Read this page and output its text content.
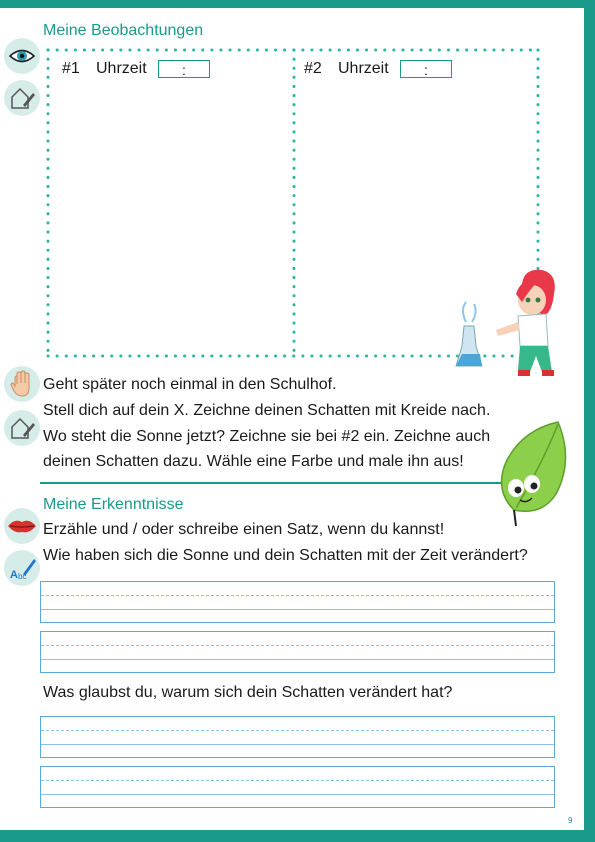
Meine Beobachtungen
A bc
#1 Uhrzeit	:	#2 Uhrzeit	:
Geht später noch einmal in den Schulhof.
Stell dich auf dein X. Zeichne deinen Schatten mit Kreide nach.
Wo steht die Sonne jetzt? Zeichne sie bei #2 ein. Zeichne auch
deinen Schatten dazu. Wähle eine Farbe und male ihn aus!
Meine Erkenntnisse
Erzähle und / oder schreibe einen Satz, wenn du kannst!
Wie haben sich die Sonne und dein Schatten mit der Zeit verändert?
Was glaubst du, warum sich dein Schatten verändert hat?
9
